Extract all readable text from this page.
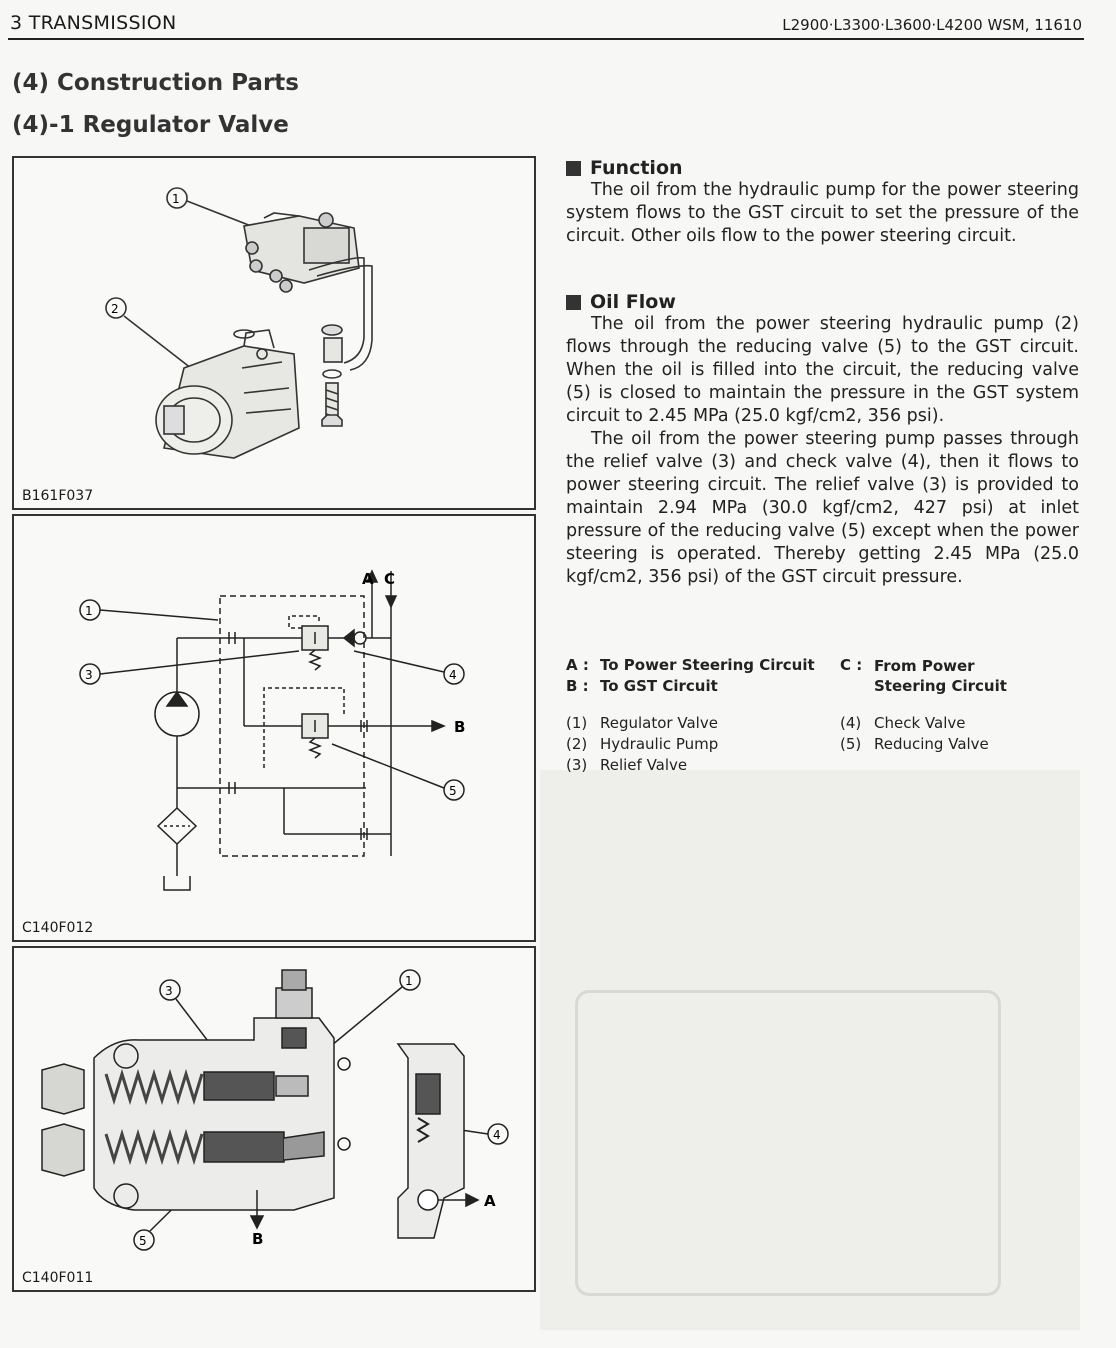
3 TRANSMISSION	L2900·L3300·L3600·L4200 WSM, 11610
(4) Construction Parts
(4)-1 Regulator Valve
1
2
B161F037
A C
B
1
3	4
5
C140F012
B
A
3
1
4
5
C140F011
Function

The oil from the hydraulic pump for the power steering system flows to the GST circuit to set the pressure of the circuit. Other oils flow to the power steering circuit.

Oil Flow

The oil from the power steering hydraulic pump (2) flows through the reducing valve (5) to the GST circuit. When the oil is filled into the circuit, the reducing valve (5) is closed to maintain the pressure in the GST system circuit to 2.45 MPa (25.0 kgf/cm2, 356 psi).

The oil from the power steering pump passes through the relief valve (3) and check valve (4), then it flows to power steering circuit. The relief valve (3) is provided to maintain 2.94 MPa (30.0 kgf/cm2, 427 psi) at inlet pressure of the reducing valve (5) except when the power steering is operated. Thereby getting 2.45 MPa (25.0 kgf/cm2, 356 psi) of the GST circuit pressure.

A : To Power Steering Circuit
B : To GST Circuit
C : From Power Steering Circuit
(1) Regulator Valve
(2) Hydraulic Pump
(3) Relief Valve
(4) Check Valve
(5) Reducing Valve
